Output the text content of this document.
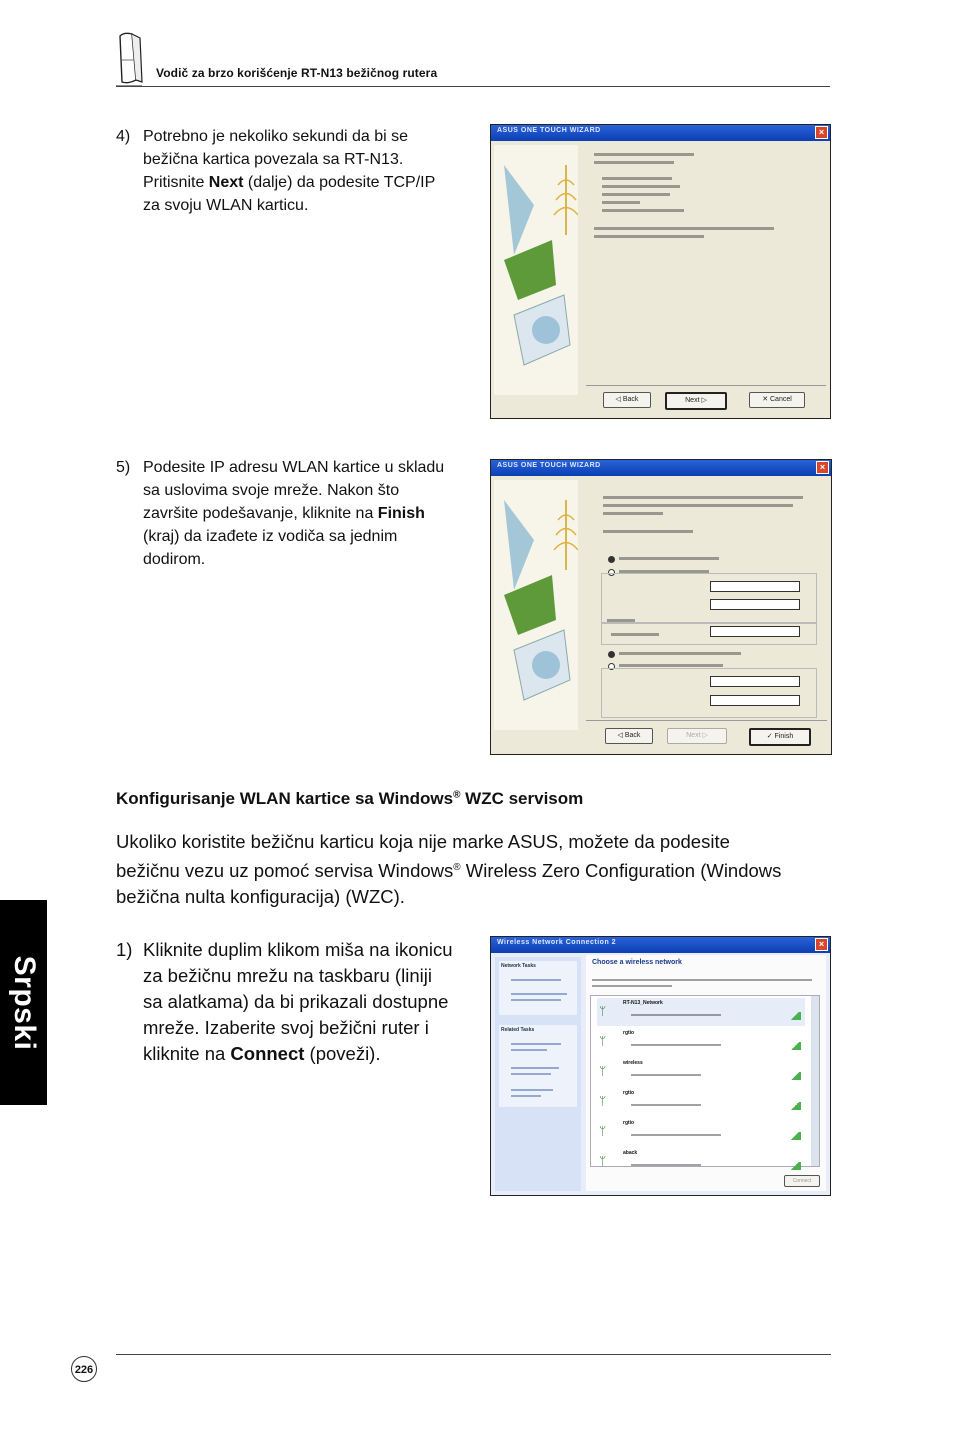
Vodič za brzo korišćenje RT-N13 bežičnog rutera
4) Potrebno je nekoliko sekundi da bi se
bežična kartica povezala sa RT-N13.
Pritisnite Next (dalje) da podesite TCP/IP
za svoju WLAN karticu.
ASUS ONE TOUCH WIZARD	×
◁ Back	Next ▷	✕ Cancel
5) Podesite IP adresu WLAN kartice u skladu
sa uslovima svoje mreže. Nakon što
završite podešavanje, kliknite na Finish
(kraj) da izađete iz vodiča sa jednim
dodirom.
ASUS ONE TOUCH WIZARD	×
◁ Back	Next ▷	✓ Finish
Konfigurisanje WLAN kartice sa Windows® WZC servisom
Ukoliko koristite bežičnu karticu koja nije marke ASUS, možete da podesite
bežičnu vezu uz pomoć servisa Windows® Wireless Zero Configuration (Windows
bežična nulta konfiguracija) (WZC).
1) Kliknite duplim klikom miša na ikonicu
za bežičnu mrežu na taskbaru (liniji
sa alatkama) da bi prikazali dostupne
mreže. Izaberite svoj bežični ruter i
kliknite na Connect (poveži).
Wireless Network Connection 2	×
Network Tasks
Related Tasks
Choose a wireless network
ᛘ
RT-N13_Network
ᛘ
rgtio
ᛘ
wireless
ᛘ
rgtio
ᛘ
rgtio
ᛘ
aback
Connect
Srpski
226
